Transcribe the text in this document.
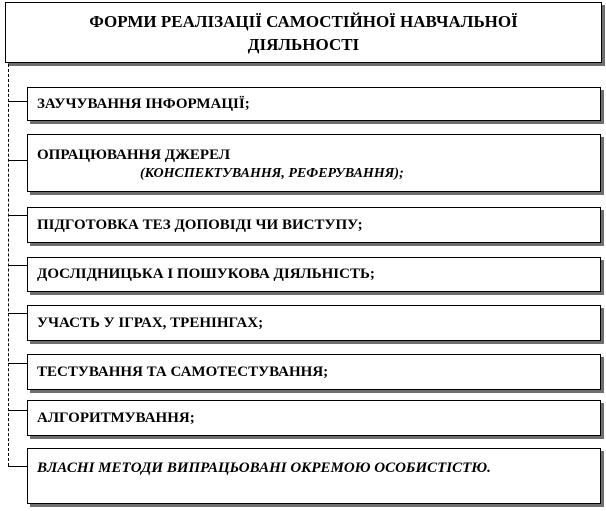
ФОРМИ РЕАЛІЗАЦІЇ САМОСТІЙНОЇ НАВЧАЛЬНОЇ ДІЯЛЬНОСТІ
ЗАУЧУВАННЯ ІНФОРМАЦІЇ;
ОПРАЦЮВАННЯ ДЖЕРЕЛ
(КОНСПЕКТУВАННЯ, РЕФЕРУВАННЯ);
ПІДГОТОВКА ТЕЗ ДОПОВІДІ ЧИ ВИСТУПУ;
ДОСЛІДНИЦЬКА І ПОШУКОВА ДІЯЛЬНІСТЬ;
УЧАСТЬ У ІГРАХ, ТРЕНІНГАХ;
ТЕСТУВАННЯ ТА САМОТЕСТУВАННЯ;
АЛГОРИТМУВАННЯ;
ВЛАСНІ МЕТОДИ ВИПРАЦЬОВАНІ ОКРЕМОЮ ОСОБИСТІСТЮ.
